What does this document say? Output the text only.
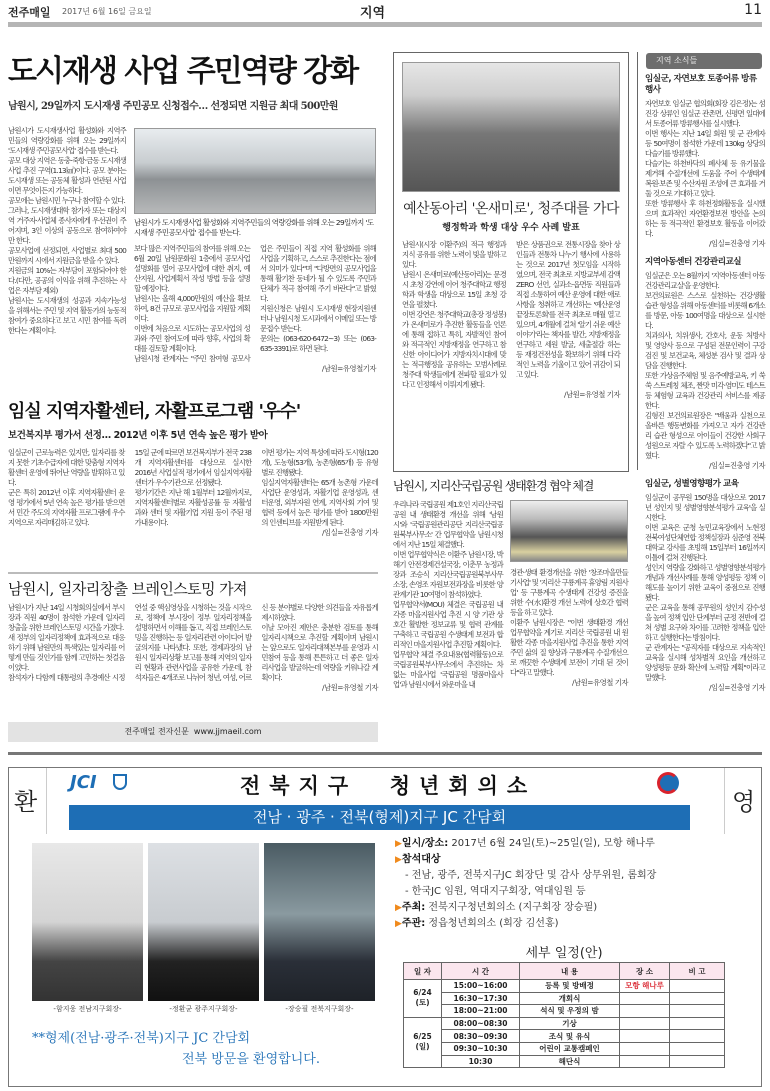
전주매일 2017년 6월 16일 금요일	지역	11
도시재생 사업 주민역량 강화
남원시, 29일까지 도시재생 주민공모 신청접수… 선정되면 지원금 최대 500만원
남원시가 도시재생사업 활성화와 지역주민들의 역량강화를 위해 오는 29일까지 '도시재생 주민공모사업' 접수를 받는다.
공모 대상 지역은 동충·죽항·금동 도시재생 사업 추진 구역(1.13㎢)이다. 공모 분야는 도시재생 또는 공동체 활성과 연관된 사업이면 무엇이든지 가능하다.
공모에는 남원시민 누구나 참여할 수 있다.
그러나, 도시재생대학 참가자 또는 대상지역 거주자·사업체 종사자에게 우선권이 주어지며, 3인 이상의 공동으로 참여하여야만 한다.
공모사업에 선정되면, 사업별로 최대 500만원까지 시에서 지원금을 받을 수 있다.
지원금의 10%는 자부담이 포함되어야 한다.(다만, 공공의 이익을 위해 추진하는 사업은 자부담 제외)
남원시는 도시재생의 성공과 지속가능성을 위해서는 주민 및 지역 활동가의 능동적 참여가 중요하다고 보고 시민 참여를 독려한다는 계획이다.
남원시가 도시재생사업 활성화와 지역주민들의 역량강화를 위해 오는 29일까지 '도시재생 주민공모사업' 접수를 받는다.
보다 많은 지역주민들의 참여를 위해 오는 6월 20일 남원문화원 1층에서 공모사업 설명회를 열어 공모사업에 대한 취지, 예산지원, 사업계획서 작성 방법 등을 설명할 예정이다.
남원시는 올해 4,000만원의 예산을 확보하여, 8건 규모로 공모사업을 지원할 계획이다.
이번에 처음으로 시도하는 공모사업의 성과와 주민 참여도에 따라 향후, 사업의 확대를 검토할 계획이다.
남원시청 관계자는 "주민 참여형 공모사업은 주민들이 직접 지역 활성화를 위해 사업을 기획하고, 스스로 추진한다는 점에서 의미가 있다"며 "다방면의 공모사업을 통해 활기찬 동네가 될 수 있도록 주민과 단체가 적극 참여해 주기 바란다"고 밝혔다.
지원신청은 남원시 도시재생 현장지원센터나 남원시청 도시과에서 이메일 또는 방문접수 받는다.
문의는 (063-620-6472~3) 또는 (063-635-3391)로 하면 된다.
/남원=유영철기자
예산동아리 '온새미로', 청주대를 가다
행정학과 학생 대상 우수 사례 발표
남원시(시장 이환주)의 적극 행정과 지식 공유를 위한 노력이 빛을 발하고 있다.
남원시 온새미로(예산동아리)는 문경시 초청 강연에 이어 청주대학교 행정학과 학생을 대상으로 15일 초청 강연을 펼쳤다.
이번 강연은 청주대학교(총장 정성봉)가 온새미로가 추진한 활동들을 언론에 통해 접하고 특히, 자발적인 참여와 적극적인 지방재정을 연구하고 참신한 아이디어가 지방자치시대에 맞는 적극행정을 공유하는 모범사례로 청주대 학생들에게 전파할 필요가 있다고 인정해서 이뤄지게 됐다.
받은 상품권으로 전통시장을 찾아 상인들과 전통차 나누기 행사에 사용하는 것으로 2017년 첫모임을 시작하였으며, 전국 최초로 지방교부세 감액 ZERO 선언, 실과소·읍면동 직원들과 직접 소통하여 예산 운영에 대한 애로사항을 청취하고 개선하는 '예산운영 끝장토론회'를 전국 최초로 매월 열고 있으며, 4개월에 걸쳐 '알기 쉬운 예산 이야기'라는 책자를 발간, 지방재정을 연구하고 세원 발굴, 세출절감 하는 등 재정건전성을 확보하기 위해 다각적인 노력을 기울이고 있어 귀감이 되고 있다.
/남원=유영철 기자
임실 지역자활센터, 자활프로그램 '우수'
보건복지부 평가서 선정… 2012년 이후 5년 연속 높은 평가 받아
임실군이 근로능력은 있지만, 일자리를 찾지 못한 기초수급자에 대한 맞춤형 지역자활센터 운영에 뛰어난 역량을 발휘하고 있다.
군은 특히 2012년 이후 지역자활센터 운영 평가에서 5년 연속 높은 평가를 받으면서 민간 주도의 지역자활 프로그램에 우수지역으로 자리매김하고 있다.
15일 군에 따르면 보건복지부가 전국 238개 지역자활센터를 대상으로 실시한 2016년 사업실적 평가에서 임실지역자활센터가 우수기관으로 선정됐다.
평가기간은 지난 해 1월부터 12월까지로, 지역자활센터별로 자활성공률 등 자활성과와 센터 및 자활기업 지원 등이 주된 평가내용이다.
이번 평가는 지역 특성에 따라 도시형(120개), 도농형(53개), 농촌형(65개) 등 유형별로 진행됐다.
임실지역자활센터는 65개 농촌형 가운데 사업단 운영성과, 자활기업 운영성과, 센터운영, 외부자원 연계, 지역사회 기여 및 협력 등에서 높은 평가를 받아 1800만원의 인센티브를 지원받게 된다.
/임실=진충영 기자
남원시, 일자리창출 브레인스토밍 가져
남원시가 지난 14일 시청회의실에서 부시장과 직원 40명이 참석한 가운데 일자리 창출을 위한 브레인스토밍 시간을 가졌다.
새 정부의 일자리정책에 효과적으로 대응하기 위해 남원만의 특색있는 일자리를 어떻게 만들 것인가를 함께 고민하는 첫걸음이었다.
참석자가 다함께 대통령의 추경예산 시정연설 중 핵심영상을 시청하는 것을 시작으로, 정책에 부시장이 정부 일자리정책을 설명하면서 이해를 돕고, 직접 브레인스토밍을 진행하는 등 일자리관련 아이디어 발굴의지를 나타냈다. 또한, 경제과장의 남원시 일자리상황 보고를 통해 지역의 일자리 현황과 관련사업을 공유한 가운데, 참석자들은 4개조로 나뉘어 청년, 여성, 어르신 등 분야별로 다양한 의견들을 자유롭게 제시하였다.
이날 모아진 제안은 충분한 검토를 통해 일자리시책으로 추진할 계획이며 남원시는 앞으로도 일자리대책본부를 운영과 시민참여 등을 통해 튼튼하고 더 좋은 일자리사업을 발굴하는데 역량을 키워나갈 계획이다.
/남원=유영철 기자
전주매일 전자신문  www.jjmaeil.com
남원시, 지리산국립공원 생태환경 협약 체결
우리나라 국립공원 제1호인 지리산국립공원 내 생태환경 개선을 위해 '남원시'와 '국립공원관리공단 지리산국립공원북부사무소' 간 업무협약을 남원시청에서 지난 15일 체결했다.
이번 업무협약식은 이환주 남원시장, 박해기 안전경제건설국장, 이춘무 농정과장과 조승식 지리산국립공원북부사무소장, 손영조 자원보전과장을 비롯한 양 관계기관 10여명이 참석하였다.
업무협약서(MOU) 체결은 국립공원 내 각종 마을지원사업 추진 시 양 기관 상호간 활발한 정보교류 및 협력 관계를 구축하고 국립공원 수생태계 보전과 합리적인 마을지원사업 추진할 계획이다.
업무협약 체결 주요내용(협력활동)으로 국립공원북부사무소에서 추진하는 차 없는 마을사업 '국립공원 명품마을사업'과 남원시에서 와운마을 내
경관·생태 환경개선을 위한 '창조마을만들기사업' 및 '지리산 구룡계곡 휴양림 지원사업' 등 구룡계곡 수생태계 건강성 증진을 위한 수(水)환경 개선 노력에 상호간 협력 등을 하고 있다.
이환주 남원시장은 "이번 생태환경 개선 업무협약을 계기로 지리산 국립공원 내 원활한 각종 마을지원사업 추진을 통한 지역주민 삶의 질 향상과 구룡계곡 수질개선으로 깨끗한 수생태계 보전이 기대 된 것이다"라고 말했다.
/남원=유영철 기자
지역 소식들
임실군, 자연보호 토종어류 방류 행사
자연보호 임실군 협의회(회장 김은정)는 섬진강 상류인 임실군 관촌면, 신평면 일대에서 토종어류 방류행사를 실시했다.
이번 행사는 지난 14일 회원 및 군 관계자 등 50여명이 참석한 가운데 130kg 상당의 다슬기를 방류했다.
다슬기는 하천바닥의 폐사체 등 유기물을 제거해 수질개선에 도움을 주어 수생태계 복원·보존 및 수산자원 조성에 큰 효과를 거둘 것으로 기대하고 있다.
또한 방류행사 후 하천정화활동을 실시했으며 효과적인 자연환경보전 방안을 논의하는 등 적극적인 환경보호 활동을 이어갔다.
/임실=진충영 기자
지역아동센터 건강관리교실
임실군은 오는 8월까지 '지역아동센터 아동 건강관리교실'을 운영한다.
보건의료원은 스스로 실천하는 건강생활 습관 형성을 위해 아동센터를 비롯해 6개소를 방문, 아동 100여명을 대상으로 실시한다.
치과의사, 치위생사, 간호사, 운동 처방사 및 영양사 등으로 구성된 전문인력이 구강검진 및 보건교육, 체성분 검사 및 결과 상담을 진행한다.
또한 가상음주체험 및 음주예방교육, 키 쑥쑥 스트레칭 체조, 짠맛 미각·염미도 테스트 등 체험형 교육과 건강관리 서비스를 제공한다.
김형진 보건의료원장은 "배움과 실천으로 올바른 행동변화를 가져오고 자가 건강관리 습관 형성으로 아이들이 건강한 사회구성원으로 자랄 수 있도록 노력하겠다"고 밝혔다.
/임실=진충영 기자
임실군, 성별영향평가 교육
임실군이 공무원 150명을 대상으로 '2017년 성인지 및 성별영향분석평가 교육'을 실시한다.
이번 교육은 군청 농민교육장에서 노현정 전북여성단체연합 정책실장과 심준영 전북대학교 강사를 초빙해 15일부터 16일까지 이틀에 걸쳐 진행된다.
성인지 역량을 강화하고 성별영향분석평가 개념과 개선사례를 통해 양성평등 정책 이해도를 높이기 위한 교육이 중점으로 진행됐다.
군은 교육을 통해 공무원의 성인지 감수성을 높여 정책 입안 단계부터 군정 전반에 걸쳐 성별 요구와 차이를 고려한 정책을 입안하고 실행한다는 방침이다.
군 관계자는 "공직자를 대상으로 지속적인 교육을 실시해 성차별적 요인을 개선하고 양성평등 문화 확산에 노력할 계획"이라고 말했다.
/임실=진충영 기자
환	영
JCI	전북지구  청년회의소
전남 · 광주 · 전북(형제)지구 JC 간담회
-함지웅 전남지구회장-	-정환균 광주지구회장-	-장승필 전북지구회장-
**형제(전남·광주·전북)지구 JC 간담회
전북 방문을 환영합니다.
▶일시/장소: 2017년 6월 24일(토)~25일(일), 모항 해나루
▶참석대상
- 전남, 광주, 전북지구JC 회장단 및 감사 상무위원, 롬회장
- 한국JC 임원, 역대지구회장, 역대임원 등
▶주최: 전북지구청년회의소 (지구회장 장승필)
▶주관: 정읍청년회의소 (회장 김선홍)
세부 일정(안)
일 자	시 간	내 용	장 소	비 고
6/24
(토)	15:00~16:00	등록 및 방배정	모항 해나루	
	16:30~17:30	개회식		
	18:00~21:00	석식 및 우정의 밤		
6/25
(일)	08:00~08:30	기상		
	08:30~09:30	조식 및 유식		
	09:30~10:30	어린이 교통캠페인		
	10:30	해단식		
